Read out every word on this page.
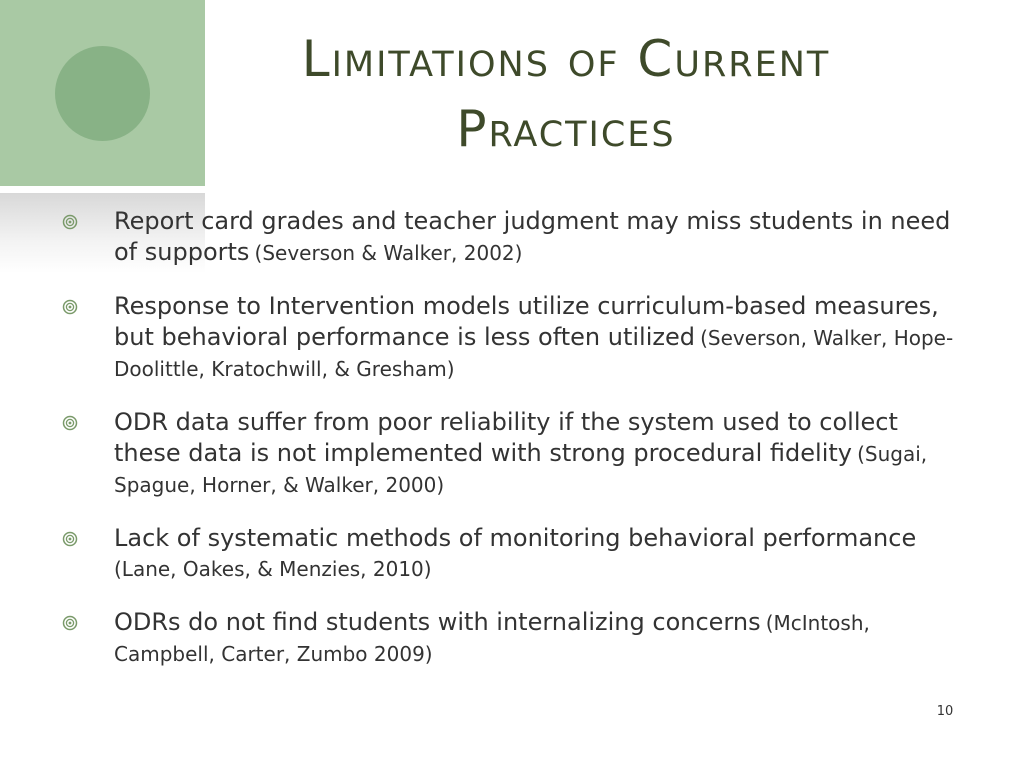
Limitations of Current Practices
Report card grades and teacher judgment may miss students in need of supports (Severson & Walker, 2002)
Response to Intervention models utilize curriculum-based measures, but behavioral performance is less often utilized (Severson, Walker, Hope-Doolittle, Kratochwill, & Gresham)
ODR data suffer from poor reliability if the system used to collect these data is not implemented with strong procedural fidelity (Sugai, Spague, Horner, & Walker, 2000)
Lack of systematic methods of monitoring behavioral performance (Lane, Oakes, & Menzies, 2010)
ODRs do not find students with internalizing concerns (McIntosh, Campbell, Carter, Zumbo 2009)
10
